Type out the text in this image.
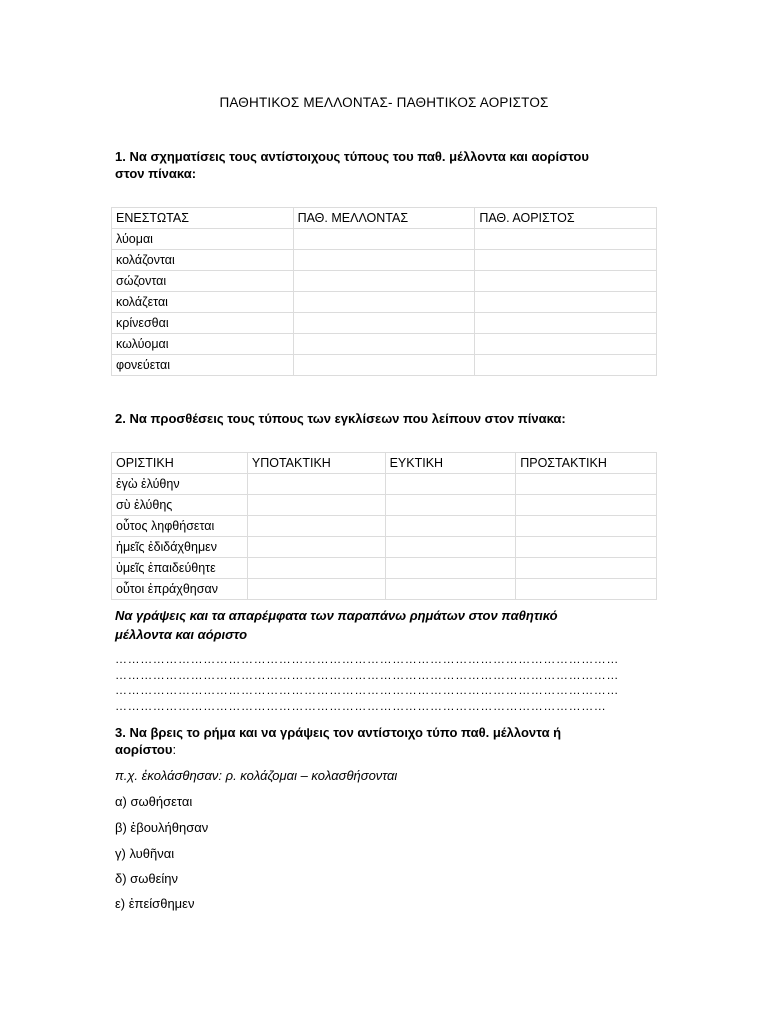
ΠΑΘΗΤΙΚΟΣ ΜΕΛΛΟΝΤΑΣ- ΠΑΘΗΤΙΚΟΣ ΑΟΡΙΣΤΟΣ
1. Να σχηματίσεις τους αντίστοιχους τύπους του παθ. μέλλοντα και αορίστου
στον πίνακα:
ΕΝΕΣΤΩΤΑΣ	ΠΑΘ. ΜΕΛΛΟΝΤΑΣ	ΠΑΘ. ΑΟΡΙΣΤΟΣ
λύομαι		
κολάζονται		
σώζονται		
κολάζεται		
κρίνεσθαι		
κωλύομαι		
φονεύεται		
2. Να προσθέσεις τους τύπους των εγκλίσεων που λείπουν στον πίνακα:
ΟΡΙΣΤΙΚΗ	ΥΠΟΤΑΚΤΙΚΗ	ΕΥΚΤΙΚΗ	ΠΡΟΣΤΑΚΤΙΚΗ
ἐγὼ ἐλύθην			
σὺ ἐλύθης			
οὗτος ληφθήσεται			
ἡμεῖς ἐδιδάχθημεν			
ὑμεῖς ἐπαιδεύθητε			
οὗτοι ἐπράχθησαν			
Να γράψεις και τα απαρέμφατα των παραπάνω ρημάτων στον παθητικό
μέλλοντα και αόριστο
…………………………………………………………………………………………………………
…………………………………………………………………………………………………………
…………………………………………………………………………………………………………
………………………………………………………………………………………………………
3. Να βρεις το ρήμα και να γράψεις τον αντίστοιχο τύπο παθ. μέλλοντα ή
αορίστου:
π.χ. ἐκολάσθησαν: ρ. κολάζομαι – κολασθήσονται
α) σωθήσεται
β) ἐβουλήθησαν
γ) λυθῆναι
δ) σωθείην
ε) ἐπείσθημεν
